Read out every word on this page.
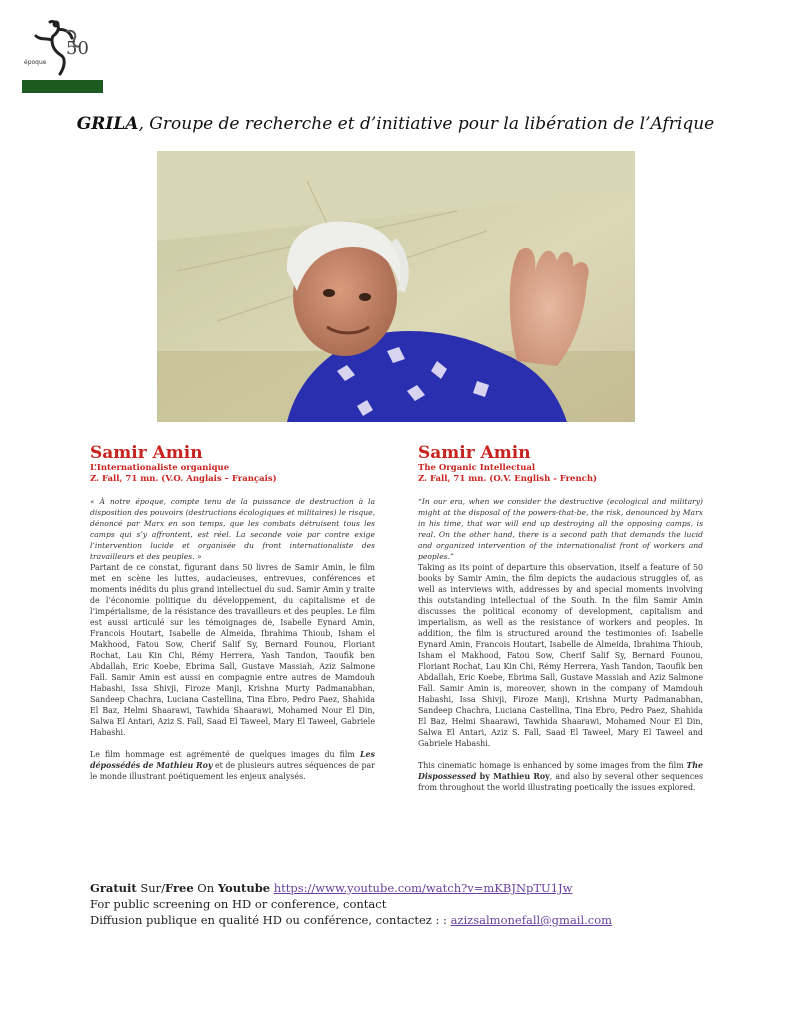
50
époque
GRILA, Groupe de recherche et d’initiative pour la libération de l’Afrique
Samir Amin
L’Internationaliste organique
Z. Fall, 71 mn. (V.O. Anglais – Français)
« À notre époque, compte tenu de la puissance de destruction à la disposition des pouvoirs (destructions écologiques et militaires) le risque, dénoncé par Marx en son temps, que les combats détruisent tous les camps qui s’y affrontent, est réel. La seconde voie par contre exige l’intervention lucide et organisée du front internationaliste des travailleurs et des peuples. »
Partant de ce constat, figurant dans 50 livres de Samir Amin, le film met en scène les luttes, audacieuses, entrevues, conférences et moments inédits du plus grand intellectuel du sud. Samir Amin y traite de l’économie politique du développement, du capitalisme et de l’impérialisme, de la résistance des travailleurs et des peuples. Le film est aussi articulé sur les témoignages de, Isabelle Eynard Amin, Francois Houtart, Isabelle de Almeida, Ibrahima Thioub, Isham el Makhood, Fatou Sow, Cherif Salif Sy, Bernard Founou, Floriant Rochat, Lau Kin Chi, Rémy Herrera, Yash Tandon, Taoufik ben Abdallah, Eric Koebe, Ebrima Sall, Gustave Massiah, Aziz Salmone Fall. Samir Amin est aussi en compagnie entre autres de Mamdouh Habashi, Issa Shivji, Firoze Manji, Krishna Murty Padmanabhan, Sandeep Chachra, Luciana Castellina, Tina Ebro, Pedro Paez, Shahida El Baz, Helmi Shaarawi, Tawhida Shaarawi, Mohamed Nour El Din, Salwa El Antari, Aziz S. Fall, Saad El Taweel, Mary El Taweel, Gabriele Habashi.
Le film hommage est agrémenté de quelques images du film Les dépossédés de Mathieu Roy et de plusieurs autres séquences de par le monde illustrant poétiquement les enjeux analysés.
Samir Amin
The Organic Intellectual
Z. Fall, 71 mn. (O.V. English - French)
“In our era, when we consider the destructive (ecological and military) might at the disposal of the powers-that-be, the risk, denounced by Marx in his time, that war will end up destroying all the opposing camps, is real. On the other hand, there is a second path that demands the lucid and organized intervention of the internationalist front of workers and peoples.”
Taking as its point of departure this observation, itself a feature of 50 books by Samir Amin, the film depicts the audacious struggles of, as well as interviews with, addresses by and special moments involving this outstanding intellectual of the South. In the film Samir Amin discusses the political economy of development, capitalism and imperialism, as well as the resistance of workers and peoples. In addition, the film is structured around the testimonies of: Isabelle Eynard Amin, Francois Houtart, Isabelle de Almeida, Ibrahima Thioub, Isham el Makhood, Fatou Sow, Cherif Salif Sy, Bernard Founou, Floriant Rochat, Lau Kin Chi, Rémy Herrera, Yash Tandon, Taoufik ben Abdallah, Eric Koebe, Ebrima Sall, Gustave Massiah and Aziz Salmone Fall. Samir Amin is, moreover, shown in the company of Mamdouh Habashi, Issa Shivji, Firoze Manji, Krishna Murty Padmanabhan, Sandeep Chachra, Luciana Castellina, Tina Ebro, Pedro Paez, Shahida El Baz, Helmi Shaarawi, Tawhida Shaarawi, Mohamed Nour El Din, Salwa El Antari, Aziz S. Fall, Saad El Taweel, Mary El Taweel and Gabriele Habashi.
This cinematic homage is enhanced by some images from the film The Dispossessed by Mathieu Roy, and also by several other sequences from throughout the world illustrating poetically the issues explored.
Gratuit Sur/Free On Youtube https://www.youtube.com/watch?v=mKBJNpTU1Jw
For public screening on HD or conference, contact
Diffusion publique en qualité HD ou conférence, contactez : : azizsalmonefall@gmail.com
